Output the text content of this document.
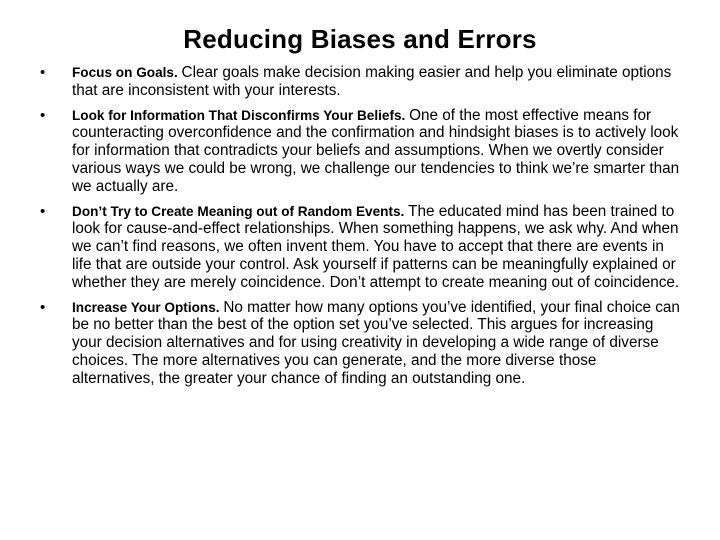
Reducing Biases and Errors
• Focus on Goals. Clear goals make decision making easier and help you eliminate options that are inconsistent with your interests.
• Look for Information That Disconfirms Your Beliefs. One of the most effective means for counteracting overconfidence and the confirmation and hindsight biases is to actively look for information that contradicts your beliefs and assumptions. When we overtly consider various ways we could be wrong, we challenge our tendencies to think we’re smarter than we actually are.
• Don’t Try to Create Meaning out of Random Events. The educated mind has been trained to look for cause-and-effect relationships. When something happens, we ask why. And when we can’t find reasons, we often invent them. You have to accept that there are events in life that are outside your control. Ask yourself if patterns can be meaningfully explained or whether they are merely coincidence. Don’t attempt to create meaning out of coincidence.
• Increase Your Options. No matter how many options you’ve identified, your final choice can be no better than the best of the option set you’ve selected. This argues for increasing your decision alternatives and for using creativity in developing a wide range of diverse choices. The more alternatives you can generate, and the more diverse those alternatives, the greater your chance of finding an outstanding one.
